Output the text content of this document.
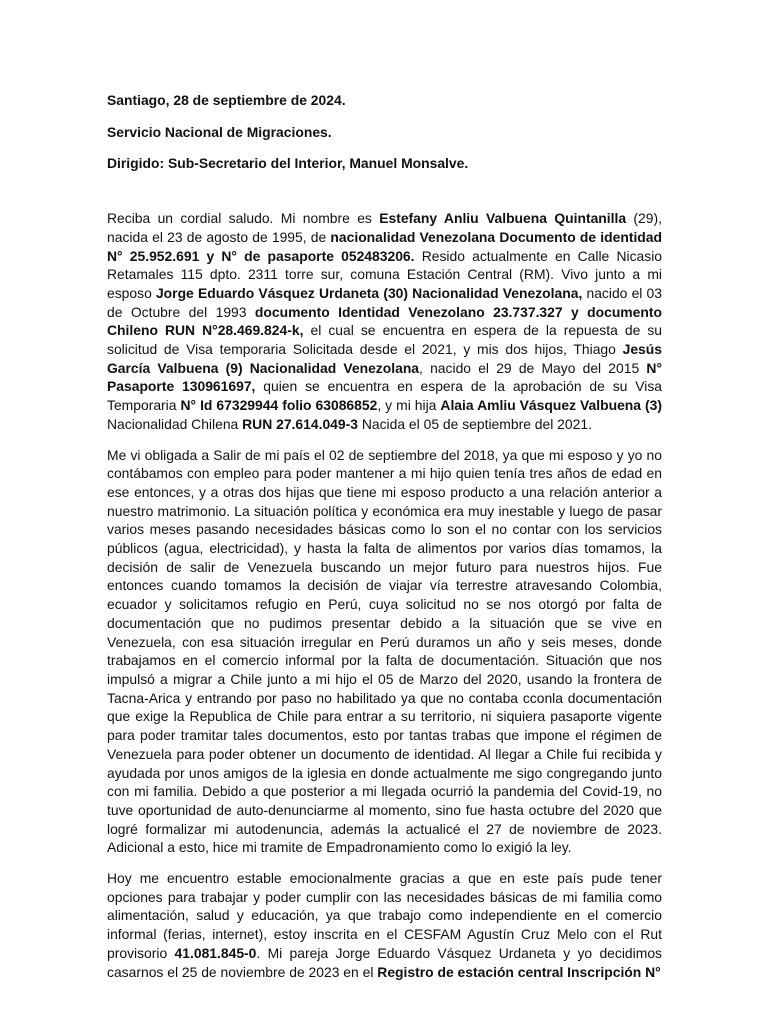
Santiago, 28 de septiembre de 2024.
Servicio Nacional de Migraciones.
Dirigido: Sub-Secretario del Interior, Manuel Monsalve.

Reciba un cordial saludo. Mi nombre es Estefany Anliu Valbuena Quintanilla (29), nacida el 23 de agosto de 1995, de nacionalidad Venezolana Documento de identidad N° 25.952.691 y N° de pasaporte 052483206. Resido actualmente en Calle Nicasio Retamales 115 dpto. 2311 torre sur, comuna Estación Central (RM). Vivo junto a mi esposo Jorge Eduardo Vásquez Urdaneta (30) Nacionalidad Venezolana, nacido el 03 de Octubre del 1993 documento Identidad Venezolano 23.737.327 y documento Chileno RUN N°28.469.824-k, el cual se encuentra en espera de la repuesta de su solicitud de Visa temporaria Solicitada desde el 2021, y mis dos hijos, Thiago Jesús García Valbuena (9) Nacionalidad Venezolana, nacido el 29 de Mayo del 2015 N° Pasaporte 130961697, quien se encuentra en espera de la aprobación de su Visa Temporaria N° Id 67329944 folio 63086852, y mi hija Alaia Amliu Vásquez Valbuena (3) Nacionalidad Chilena RUN 27.614.049-3 Nacida el 05 de septiembre del 2021.

Me vi obligada a Salir de mi país el 02 de septiembre del 2018, ya que mi esposo y yo no contábamos con empleo para poder mantener a mi hijo quien tenía tres años de edad en ese entonces, y a otras dos hijas que tiene mi esposo producto a una relación anterior a nuestro matrimonio. La situación política y económica era muy inestable y luego de pasar varios meses pasando necesidades básicas como lo son el no contar con los servicios públicos (agua, electricidad), y hasta la falta de alimentos por varios días tomamos, la decisión de salir de Venezuela buscando un mejor futuro para nuestros hijos. Fue entonces cuando tomamos la decisión de viajar vía terrestre atravesando Colombia, ecuador y solicitamos refugio en Perú, cuya solicitud no se nos otorgó por falta de documentación que no pudimos presentar debido a la situación que se vive en Venezuela, con esa situación irregular en Perú duramos un año y seis meses, donde trabajamos en el comercio informal por la falta de documentación. Situación que nos impulsó a migrar a Chile junto a mi hijo el 05 de Marzo del 2020, usando la frontera de Tacna-Arica y entrando por paso no habilitado ya que no contaba cconla documentación que exige la Republica de Chile para entrar a su territorio, ni siquiera pasaporte vigente para poder tramitar tales documentos, esto por tantas trabas que impone el régimen de Venezuela para poder obtener un documento de identidad. Al llegar a Chile fui recibida y ayudada por unos amigos de la iglesia en donde actualmente me sigo congregando junto con mi familia. Debido a que posterior a mi llegada ocurrió la pandemia del Covid-19, no tuve oportunidad de auto-denunciarme al momento, sino fue hasta octubre del 2020 que logré formalizar mi autodenuncia, además la actualicé el 27 de noviembre de 2023. Adicional a esto, hice mi tramite de Empadronamiento como lo exigió la ley.

Hoy me encuentro estable emocionalmente gracias a que en este país pude tener opciones para trabajar y poder cumplir con las necesidades básicas de mi familia como alimentación, salud y educación, ya que trabajo como independiente en el comercio informal (ferias, internet), estoy inscrita en el CESFAM Agustín Cruz Melo con el Rut provisorio 41.081.845-0. Mi pareja Jorge Eduardo Vásquez Urdaneta y yo decidimos casarnos el 25 de noviembre de 2023 en el Registro de estación central Inscripción N°
